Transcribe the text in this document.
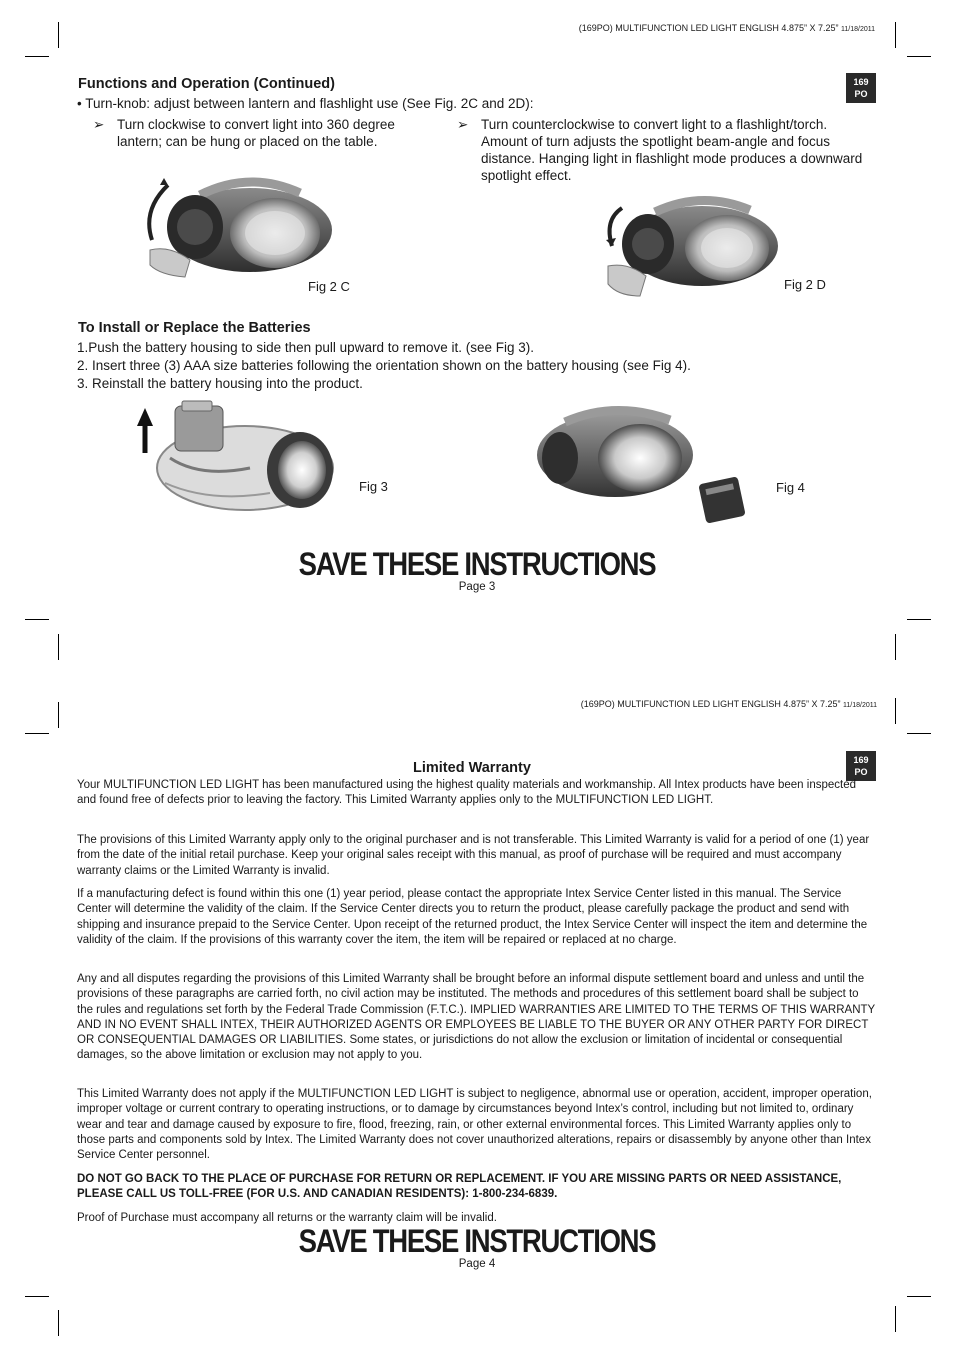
(169PO) MULTIFUNCTION LED LIGHT ENGLISH 4.875” X 7.25” 11/18/2011
169
PO
Functions and Operation (Continued)
• Turn-knob: adjust between lantern and flashlight use (See Fig. 2C and 2D):
➢ Turn clockwise to convert light into 360 degree lantern; can be hung or placed on the table.
➢ Turn counterclockwise to convert light to a flashlight/torch. Amount of turn adjusts the spotlight beam-angle and focus distance. Hanging light in flashlight mode produces a downward spotlight effect.
Fig 2 C	Fig 2 D
To Install or Replace the Batteries
1.Push the battery housing to side then pull upward to remove it. (see Fig 3).
2. Insert three (3) AAA size batteries following the orientation shown on the battery housing (see Fig 4).
3. Reinstall the battery housing into the product.
Fig 3	Fig 4
SAVE THESE INSTRUCTIONS
Page 3
(169PO) MULTIFUNCTION LED LIGHT ENGLISH 4.875” X 7.25” 11/18/2011
169
PO
Limited Warranty

Your MULTIFUNCTION LED LIGHT has been manufactured using the highest quality materials and workmanship. All Intex products have been inspected and found free of defects prior to leaving the factory. This Limited Warranty applies only to the MULTIFUNCTION LED LIGHT.

The provisions of this Limited Warranty apply only to the original purchaser and is not transferable. This Limited Warranty is valid for a period of one (1) year from the date of the initial retail purchase. Keep your original sales receipt with this manual, as proof of purchase will be required and must accompany warranty claims or the Limited Warranty is invalid.

If a manufacturing defect is found within this one (1) year period, please contact the appropriate Intex Service Center listed in this manual. The Service Center will determine the validity of the claim. If the Service Center directs you to return the product, please carefully package the product and send with shipping and insurance prepaid to the Service Center. Upon receipt of the returned product, the Intex Service Center will inspect the item and determine the validity of the claim. If the provisions of this warranty cover the item, the item will be repaired or replaced at no charge.

Any and all disputes regarding the provisions of this Limited Warranty shall be brought before an informal dispute settlement board and unless and until the provisions of these paragraphs are carried forth, no civil action may be instituted. The methods and procedures of this settlement board shall be subject to the rules and regulations set forth by the Federal Trade Commission (F.T.C.). IMPLIED WARRANTIES ARE LIMITED TO THE TERMS OF THIS WARRANTY AND IN NO EVENT SHALL INTEX, THEIR AUTHORIZED AGENTS OR EMPLOYEES BE LIABLE TO THE BUYER OR ANY OTHER PARTY FOR DIRECT OR CONSEQUENTIAL DAMAGES OR LIABILITIES. Some states, or jurisdictions do not allow the exclusion or limitation of incidental or consequential damages, so the above limitation or exclusion may not apply to you.

This Limited Warranty does not apply if the MULTIFUNCTION LED LIGHT is subject to negligence, abnormal use or operation, accident, improper operation, improper voltage or current contrary to operating instructions, or to damage by circumstances beyond Intex’s control, including but not limited to, ordinary wear and tear and damage caused by exposure to fire, flood, freezing, rain, or other external environmental forces. This Limited Warranty applies only to those parts and components sold by Intex. The Limited Warranty does not cover unauthorized alterations, repairs or disassembly by anyone other than Intex Service Center personnel.

DO NOT GO BACK TO THE PLACE OF PURCHASE FOR RETURN OR REPLACEMENT. IF YOU ARE MISSING PARTS OR NEED ASSISTANCE, PLEASE CALL US TOLL-FREE (FOR U.S. AND CANADIAN RESIDENTS): 1-800-234-6839.

Proof of Purchase must accompany all returns or the warranty claim will be invalid.

SAVE THESE INSTRUCTIONS
Page 4
